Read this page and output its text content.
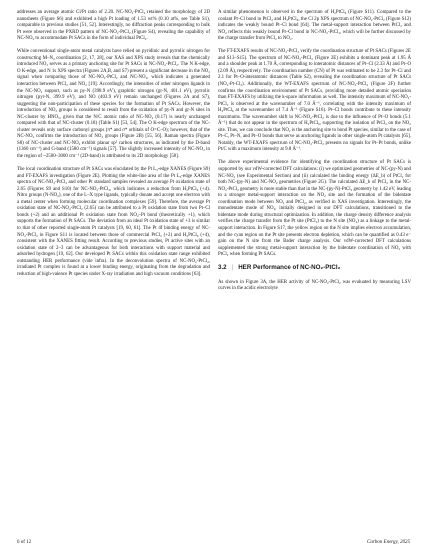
addresses an average atomic Cl/Pt ratio of 2.20. NC-NO₂-PtCl₂ retained the morphology of 2D nanosheets (Figure S6) and exhibited a high Pt loading of 1.53 wt% (0.10 at%, see Table S1), comparable to previous studies [51, 52]. Interestingly, no diffraction peaks corresponding to bulk Pt were observed in the PXRD pattern of NC-NO₂-PtCl₂ (Figure S4), revealing the capability of NC-NO₂ to accommodate Pt SACs in the form of individual PtCl₂.

While conventional single-atom metal catalysts have relied on pyridinic and pyrrolic nitrogen for constructing M–N₄ coordination [2, 17, 28], our XAS and XPS study reveals that the chemically introduced NO₂ serves as a primary anchoring site for Pt SACs in NC-NO₂-PtCl₂. The N K-edge, O K-edge, and N 1s XPS spectra (Figures 2A,B, and S7) present a significant decrease in the NO₂ signal when comparing those of NC-NO₂-PtCl₂ and NC-NO₂, which indicates a generated interaction between PtCl₂ and NO₂ [19]. Accordingly, the intensities of other nitrogen ligands in the NC-NO₂ support, such as py-N (398.9 eV), graphitic nitrogen (gr-N, 401.1 eV), pyrrolic nitrogen (pyr-N, 399.9 eV), and NO (403.9 eV) remain unchanged (Figures 2A and S7), suggesting the non-participation of these species for the formation of Pt SACs. However, the introduction of NO₂ groups is considered to result from the oxidation of py-N and gr-N sites in NC-cluster by HNO₃, given that the N/C atomic ratio of NC-NO₂ (0.17) is nearly unchanged compared with that of NC-cluster (0.18) (Table S1) [53, 54]. The O K-edge spectrum of the NC-cluster reveals only surface carbonyl groups (π* and σ* orbitals of O=C–O); however, that of the NC-NO₂ confirms the introduction of NO₂ groups (Figure 2B) [55, 56]. Raman spectra (Figure S8) of NC-cluster and NC-NO₂ exhibit planar sp² carbon structures, as indicated by the D-band (1360 cm⁻¹) and G-band (1580 cm⁻¹) signals [57]. The slightly increased intensity of NC-NO₂ in the region of ~2500–3000 cm⁻¹ (2D-band) is attributed to its 2D morphology [58].

The local coordination structure of Pt SACs was elucidated by the Pt L₃-edge XANES (Figure S9) and FT-EXAFS investigation (Figure 2E). Plotting the white-line area of the Pt L₃-edge XANES spectra of NC-NO₂-PtCl₂ and other Pt standard samples revealed an average Pt oxidation state of 2.65 (Figures S9 and S10) for NC-NO₂-PtCl₂, which indicates a reduction from H₂PtCl₆ (+4). Nitro groups (N-NO₂), one of the L–X type ligands, typically donate and accept one electron with a metal center when forming molecular coordination complexes [59]. Therefore, the average Pt oxidation state of NC-NO₂-PtCl₂ (2.65) can be attributed to a Pt oxidation state from two Pt–Cl bonds (+2) and an additional Pt oxidation state from NO₂–Pt bond (theoretically +1), which supports the formation of Pt SACs. The deviation from an ideal Pt oxidation state of +3 is similar to that of other reported single-atom Pt catalysts [19, 60, 61]. The Pt 4f binding energy of NC-NO₂-PtCl₂ in Figure S11 is located between those of commercial PtCl₂ (+2) and H₂PtCl₆ (+4), consistent with the XANES fitting result. According to previous studies, Pt active sites with an oxidation state of 2–3 can be advantageous for both interactions with support material and adsorbed hydrogen [19, 62]. Our developed Pt SACs within this oxidation state range exhibited outstanding HER performance (vide infra). In the deconvolution spectra of NC-NO₂-PtCl₂, irradiated Pt complex is found at a lower binding energy, originating from the degradation and reduction of high-valence Pt species under X-ray irradiation and high vacuum conditions [63].

A similar phenomenon is observed in the spectrum of H₂PtCl₆ (Figure S11). Compared to the coolant Pt–Cl bond in PtCl₂ and H₂PtCl₆, the Cl 2p XPS spectrum of NC-NO₂-PtCl₂ (Figure S12) indicates the weakly bound Pt–Cl bond [64]. The metal-support interaction between PtCl₂ and NO₂ reflects this weakly bound Pt–Cl bond in NC-NO₂-PtCl₂, which will be further discussed by the charge transfer from PtCl₂ to NO₂.

The FT-EXAFS results of NC-NO₂-PtCl₂ verify the coordination structure of Pt SACs (Figures 2E and S13–S15). The spectrum of NC-NO₂-PtCl₂ (Figure 2E) exhibits a dominant peak at 1.95 Å and a shoulder peak at 1.70 Å, corresponding to interatomic distances of Pt–Cl (2.33 Å) and Pt–O (2.09 Å), respectively. The coordination number (CN) of Pt was estimated to be 2.3 for Pt–Cl and 2.1 for Pt–O-interatomic distances (Table S2), revealing the coordination structure of Pt SACs (NO₂-Pt-Cl₂). Additionally, the WT-EXAFS spectrum of NC-NO₂-PtCl₂ (Figure 2F) further confirms the coordination environment of Pt SACs, providing more detailed atomic speciation than FT-EXAFS by utilizing the k-space information as well. The intensity maximum of NC-NO₂-PtCl₂ is observed at the wavenumber of 7.0 Å⁻¹, correlating with the intensity maximum of H₂PtCl₆ at the wavenumber of 7.4 Å⁻¹ (Figure S16). Pt–Cl bonds contribute to these intensity maximums. The wavenumber shift in NC-NO₂-PtCl₂ is due to the influence of Pt–O bonds (5.1 Å⁻¹) that do not appear in the spectrum of H₂PtCl₆, supporting the isolation of PtCl₂ on the NO₂ site. Thus, we can conclude that NO₂ is the anchoring site to bond Pt species, similar to the case of Pt–C, Pt–N, and Pt–O bonds that serve as anchoring ligands in other single-atom Pt catalysts [65]. Notably, the WT-EXAFS spectrum of NC-NO₂-PtCl₂ presents no signals for Pt–Pt bonds, unlike Pt/C with a maximum intensity at 9.8 Å⁻¹.

The above experimental evidence for identifying the coordination structure of Pt SACs is supported by our vdW-corrected DFT calculations: (i) we optimized geometries of NC-(py-N) and NC-NO₂ (see Experimental Section) and (ii) calculated the binding energy (ΔE_b) of PtCl₂ for both NC-(py-N) and NC-NO₂ geometries (Figure 2G). The calculated ΔE_b of PtCl₂ in the NC-NO₂-PtCl₂ geometry is more stable than that in the NC-(py-N)-PtCl₂ geometry by 1.42 eV, leading to a stronger metal-support interaction on the NO₂ site and the formation of the bidentate coordination mode between NO₂ and PtCl₂, as verified in XAS investigation. Interestingly, the monodentate mode of NO₂, initially designed in our DFT calculations, transitioned to the bidentate mode during structural optimization. In addition, the charge density difference analysis verifies the charge transfer from the Pt site (PtCl₂) to the N site (NO₂) as a linkage to the metal-support interaction. In Figure S17, the yellow region on the N site implies electron accumulation, and the cyan region on the Pt site presents electron depletion, which can be quantified as 0.43 e⁻ gain on the N site from the Bader charge analysis. Our vdW-corrected DFT calculations supplemented the strong metal-support interaction by the bidentate coordination of NO₂ with PtCl₂ when forming Pt SACs.

3.2 | HER Performance of NC-NO₂-PtCl₂

As shown in Figure 3A, the HER activity of NC-NO₂-PtCl₂ was evaluated by measuring LSV curves in the acidic electrolyte

6 of 12	Carbon Energy, 2025
